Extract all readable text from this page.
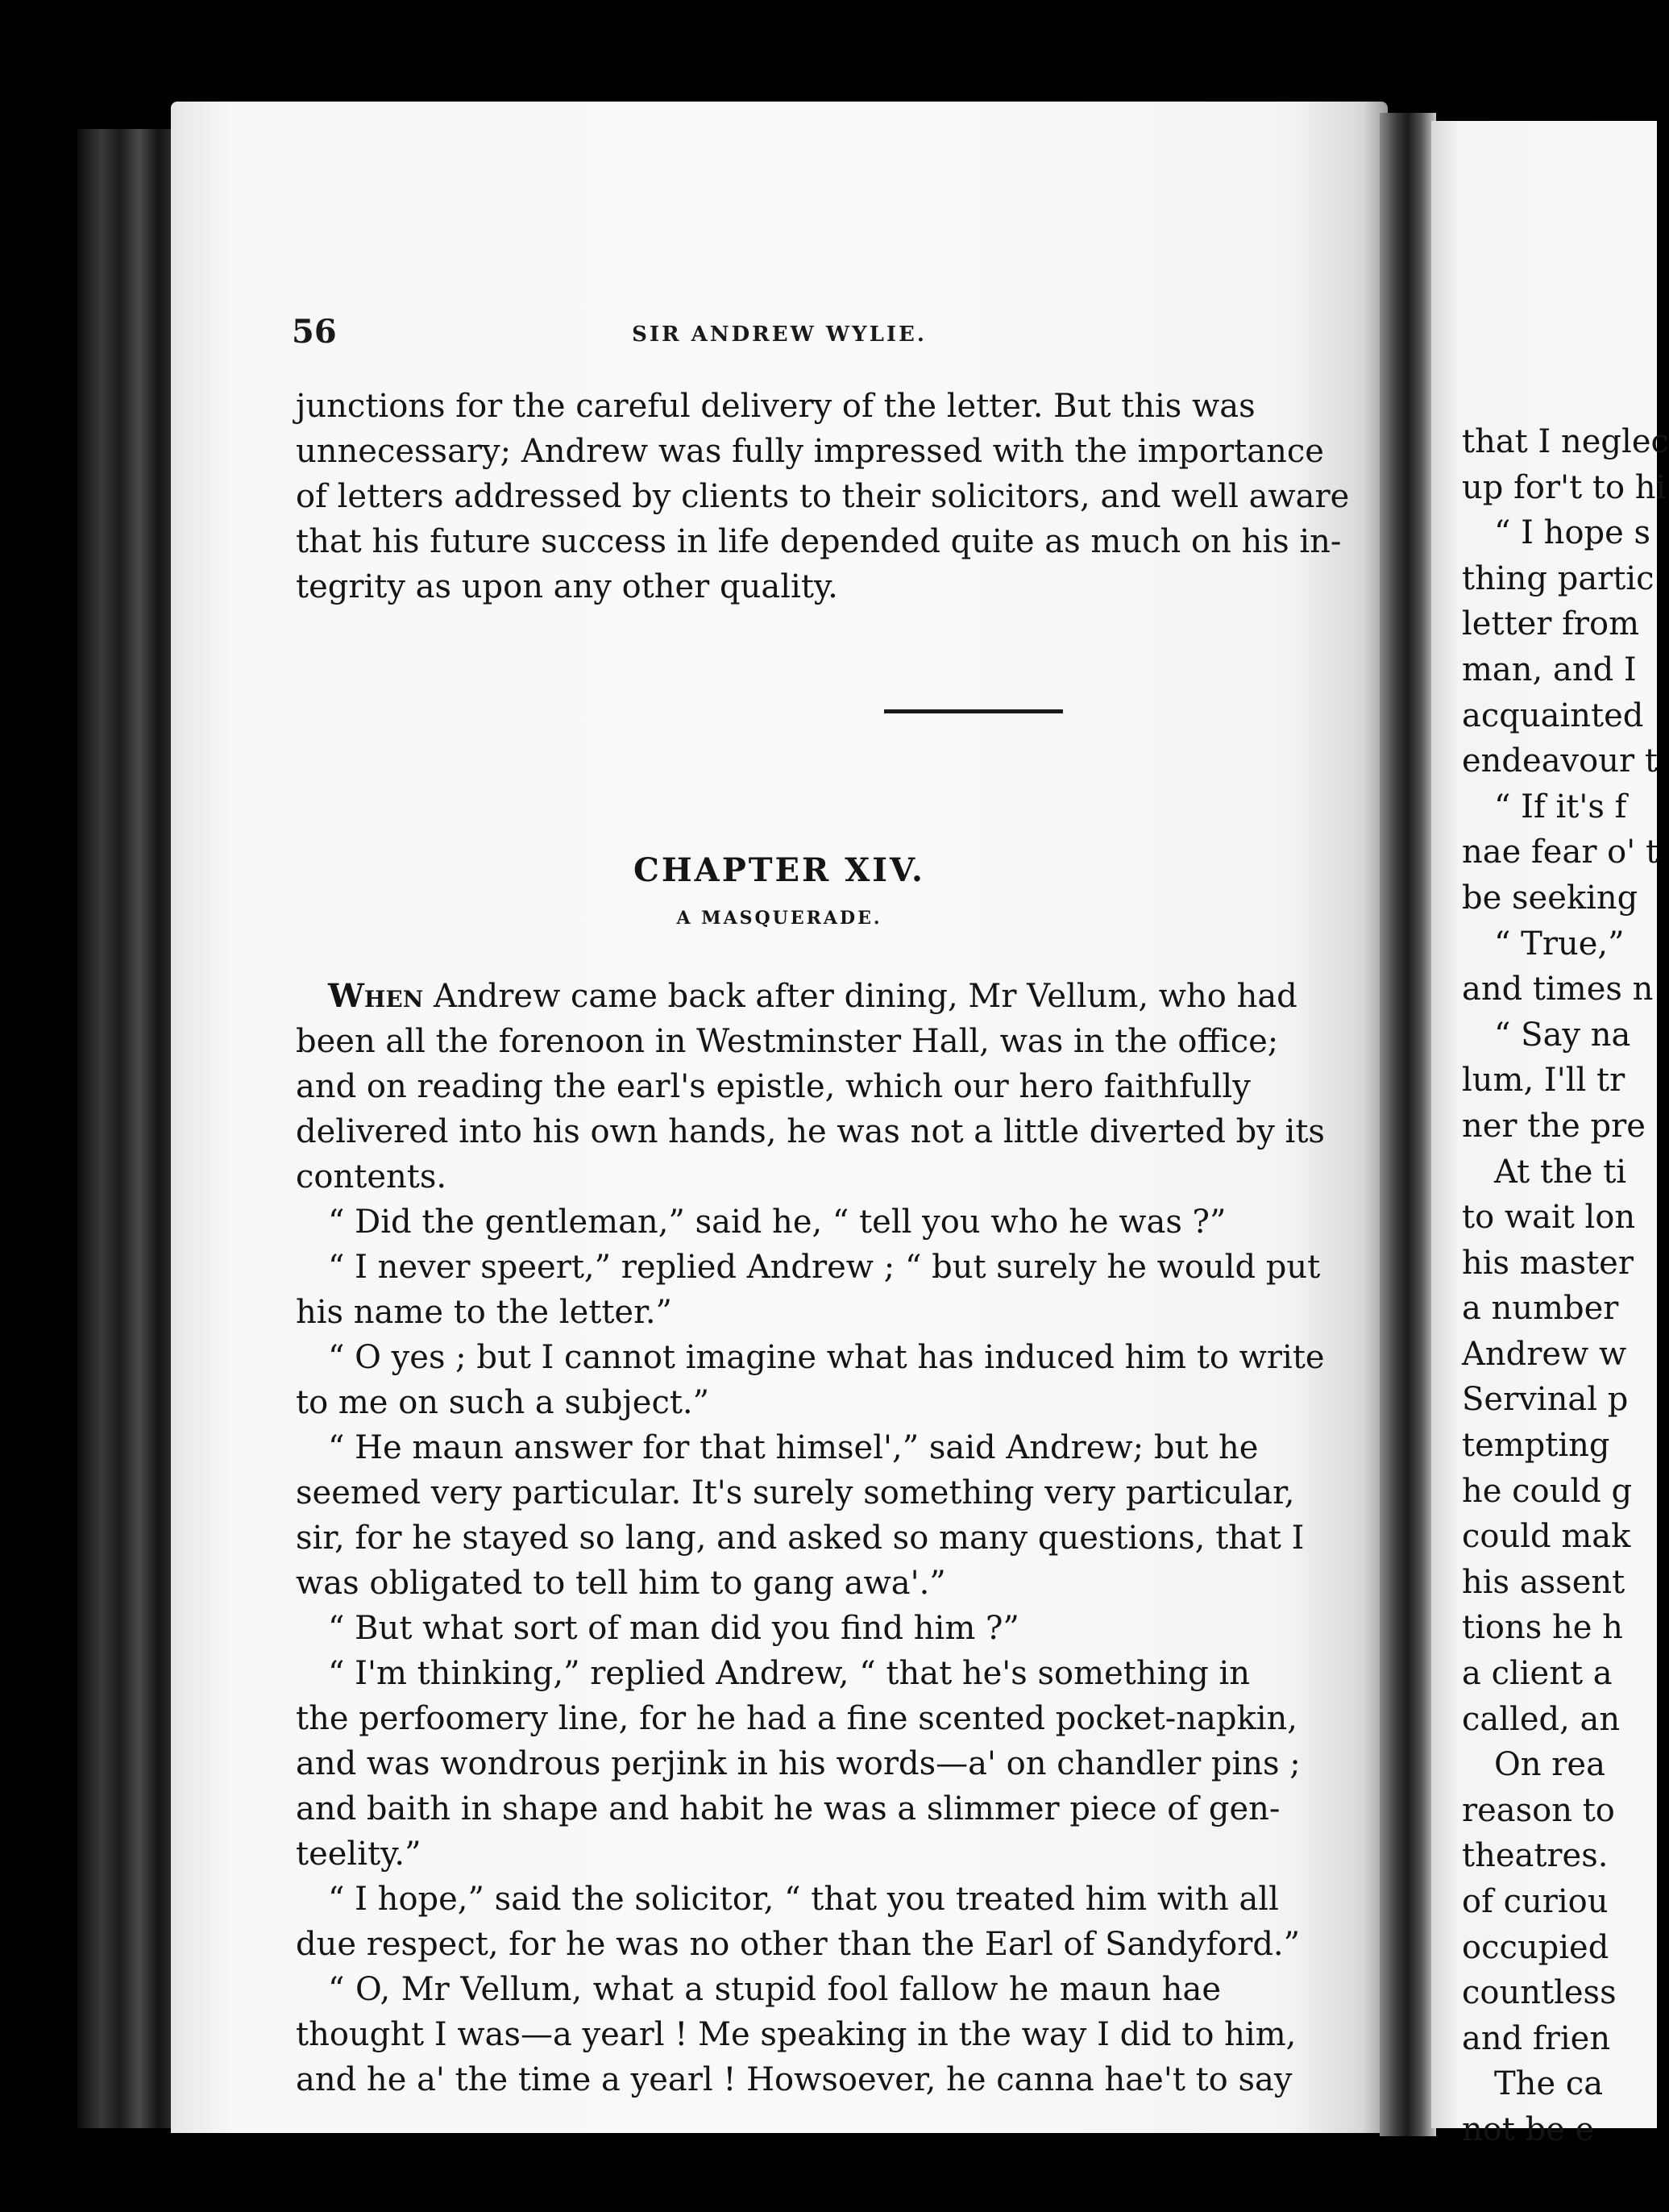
56	SIR ANDREW WYLIE.
junctions for the careful delivery of the letter. But this was
unnecessary; Andrew was fully impressed with the importance
of letters addressed by clients to their solicitors, and well aware
that his future success in life depended quite as much on his in-
tegrity as upon any other quality.
CHAPTER XIV.
A MASQUERADE.
When Andrew came back after dining, Mr Vellum, who had
been all the forenoon in Westminster Hall, was in the office;
and on reading the earl's epistle, which our hero faithfully
delivered into his own hands, he was not a little diverted by its
contents.
“ Did the gentleman,” said he, “ tell you who he was ?”
“ I never speert,” replied Andrew ; “ but surely he would put
his name to the letter.”
“ O yes ; but I cannot imagine what has induced him to write
to me on such a subject.”
“ He maun answer for that himsel',” said Andrew; but he
seemed very particular. It's surely something very particular,
sir, for he stayed so lang, and asked so many questions, that I
was obligated to tell him to gang awa'.”
“ But what sort of man did you find him ?”
“ I'm thinking,” replied Andrew, “ that he's something in
the perfoomery line, for he had a fine scented pocket-napkin,
and was wondrous perjink in his words—a' on chandler pins ;
and baith in shape and habit he was a slimmer piece of gen-
teelity.”
“ I hope,” said the solicitor, “ that you treated him with all
due respect, for he was no other than the Earl of Sandyford.”
“ O, Mr Vellum, what a stupid fool fallow he maun hae
thought I was—a yearl ! Me speaking in the way I did to him,
and he a' the time a yearl ! Howsoever, he canna hae't to say
that I neglec
up for't to hi
“ I hope s
thing partic
letter from
man, and I
acquainted
endeavour t
“ If it's f
nae fear o' t
be seeking
“ True,”
and times n
“ Say na
lum, I'll tr
ner the pre
At the ti
to wait lon
his master
a number
Andrew w
Servinal p
tempting
he could g
could mak
his assent
tions he h
a client a
called, an
On rea
reason to
theatres.
of curiou
occupied
countless
and frien
The ca
not be e
